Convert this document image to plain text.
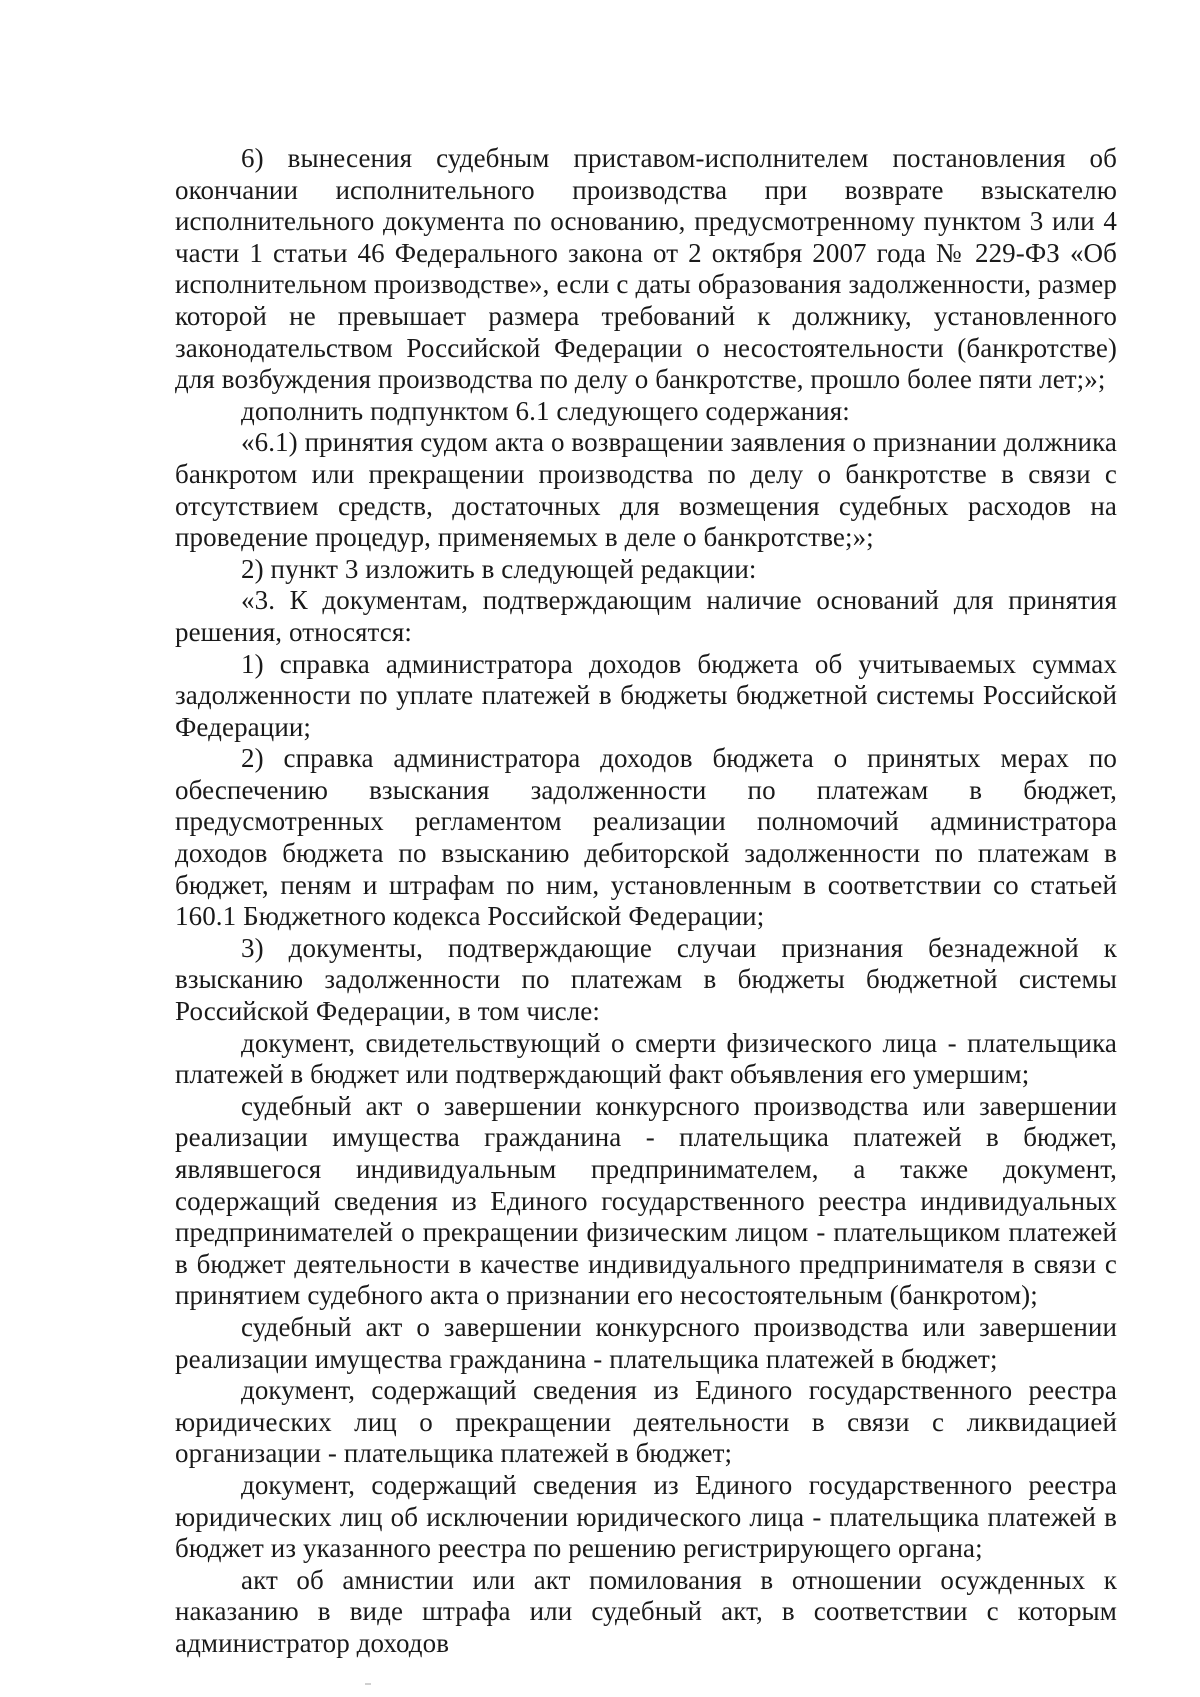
6) вынесения судебным приставом-исполнителем постановления об окончании исполнительного производства при возврате взыскателю исполнительного документа по основанию, предусмотренному пунктом 3 или 4 части 1 статьи 46 Федерального закона от 2 октября 2007 года № 229-ФЗ «Об исполнительном производстве», если с даты образования задолженности, размер которой не превышает размера требований к должнику, установленного законодательством Российской Федерации о несостоятельности (банкротстве) для возбуждения производства по делу о банкротстве, прошло более пяти лет;»;

дополнить подпунктом 6.1 следующего содержания:

«6.1) принятия судом акта о возвращении заявления о признании должника банкротом или прекращении производства по делу о банкротстве в связи с отсутствием средств, достаточных для возмещения судебных расходов на проведение процедур, применяемых в деле о банкротстве;»;

2) пункт 3 изложить в следующей редакции:

«3. К документам, подтверждающим наличие оснований для принятия решения, относятся:

1) справка администратора доходов бюджета об учитываемых суммах задолженности по уплате платежей в бюджеты бюджетной системы Российской Федерации;

2) справка администратора доходов бюджета о принятых мерах по обеспечению взыскания задолженности по платежам в бюджет, предусмотренных регламентом реализации полномочий администратора доходов бюджета по взысканию дебиторской задолженности по платежам в бюджет, пеням и штрафам по ним, установленным в соответствии со статьей 160.1 Бюджетного кодекса Российской Федерации;

3) документы, подтверждающие случаи признания безнадежной к взысканию задолженности по платежам в бюджеты бюджетной системы Российской Федерации, в том числе:

документ, свидетельствующий о смерти физического лица - плательщика платежей в бюджет или подтверждающий факт объявления его умершим;

судебный акт о завершении конкурсного производства или завершении реализации имущества гражданина - плательщика платежей в бюджет, являвшегося индивидуальным предпринимателем, а также документ, содержащий сведения из Единого государственного реестра индивидуальных предпринимателей о прекращении физическим лицом - плательщиком платежей в бюджет деятельности в качестве индивидуального предпринимателя в связи с принятием судебного акта о признании его несостоятельным (банкротом);

судебный акт о завершении конкурсного производства или завершении реализации имущества гражданина - плательщика платежей в бюджет;

документ, содержащий сведения из Единого государственного реестра юридических лиц о прекращении деятельности в связи с ликвидацией организации - плательщика платежей в бюджет;

документ, содержащий сведения из Единого государственного реестра юридических лиц об исключении юридического лица - плательщика платежей в бюджет из указанного реестра по решению регистрирующего органа;

акт об амнистии или акт помилования в отношении осужденных к наказанию в виде штрафа или судебный акт, в соответствии с которым администратор доходов
